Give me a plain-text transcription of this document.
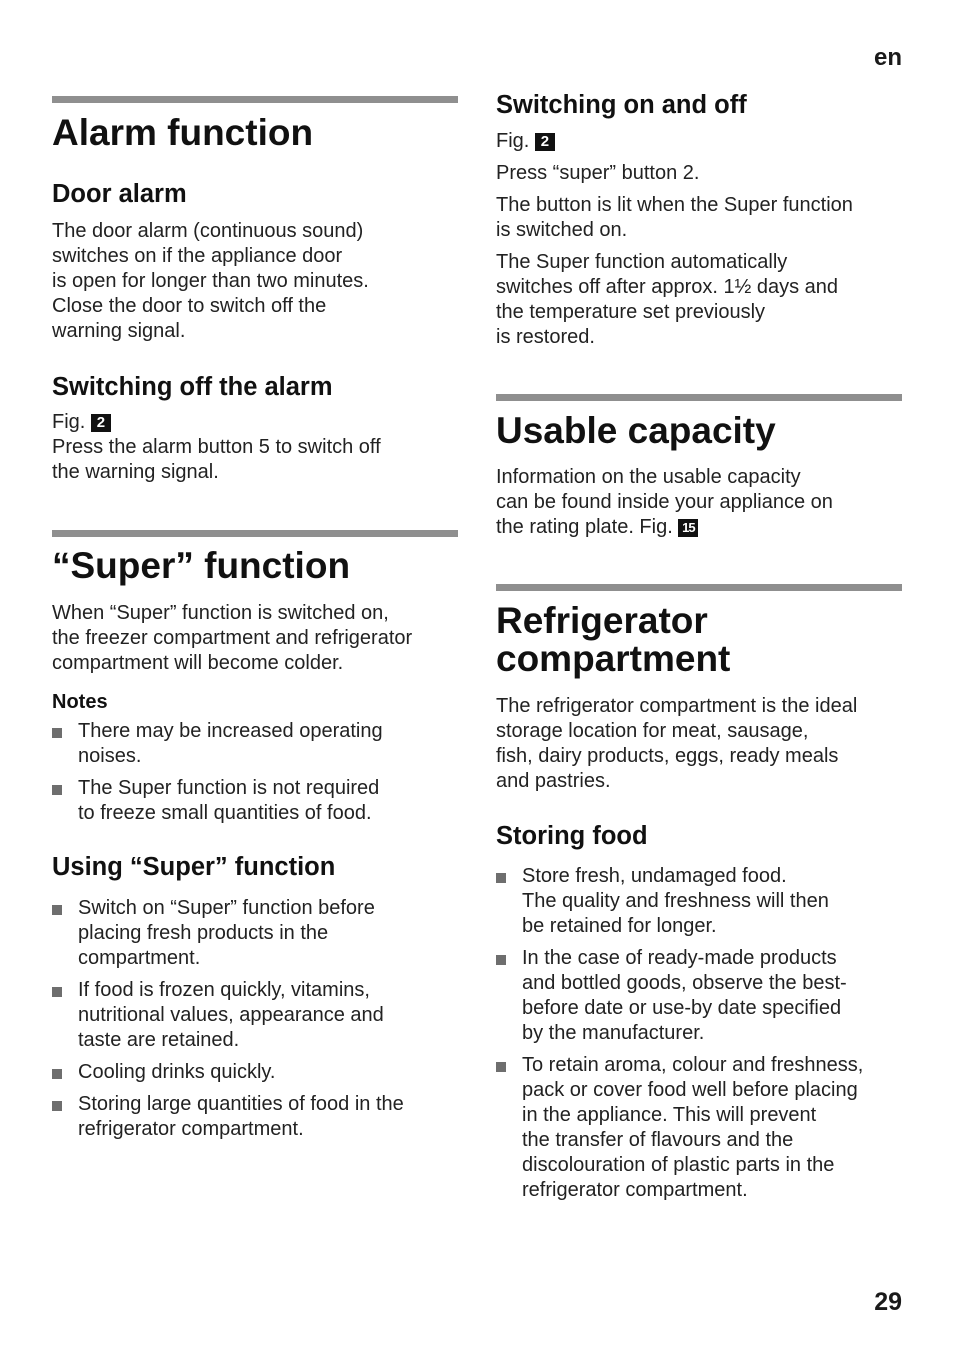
en
29
Alarm function
Door alarm
The door alarm (continuous sound)
switches on if the appliance door
is open for longer than two minutes.
Close the door to switch off the
warning signal.
Switching off the alarm
Fig. 2
Press the alarm button 5 to switch off
the warning signal.
“Super” function
When “Super” function is switched on,
the freezer compartment and refrigerator
compartment will become colder.
Notes
There may be increased operating
noises.
The Super function is not required
to freeze small quantities of food.
Using “Super” function
Switch on “Super” function before
placing fresh products in the
compartment.
If food is frozen quickly, vitamins,
nutritional values, appearance and
taste are retained.
Cooling drinks quickly.
Storing large quantities of food in the
refrigerator compartment.
Switching on and off
Fig. 2
Press “super” button 2.
The button is lit when the Super function
is switched on.
The Super function automatically
switches off after approx. 1½ days and
the temperature set previously
is restored.
Usable capacity
Information on the usable capacity
can be found inside your appliance on
the rating plate. Fig. 15
Refrigerator
compartment
The refrigerator compartment is the ideal
storage location for meat, sausage,
fish, dairy products, eggs, ready meals
and pastries.
Storing food
Store fresh, undamaged food.
The quality and freshness will then
be retained for longer.
In the case of ready-made products
and bottled goods, observe the best-
before date or use-by date specified
by the manufacturer.
To retain aroma, colour and freshness,
pack or cover food well before placing
in the appliance. This will prevent
the transfer of flavours and the
discolouration of plastic parts in the
refrigerator compartment.
